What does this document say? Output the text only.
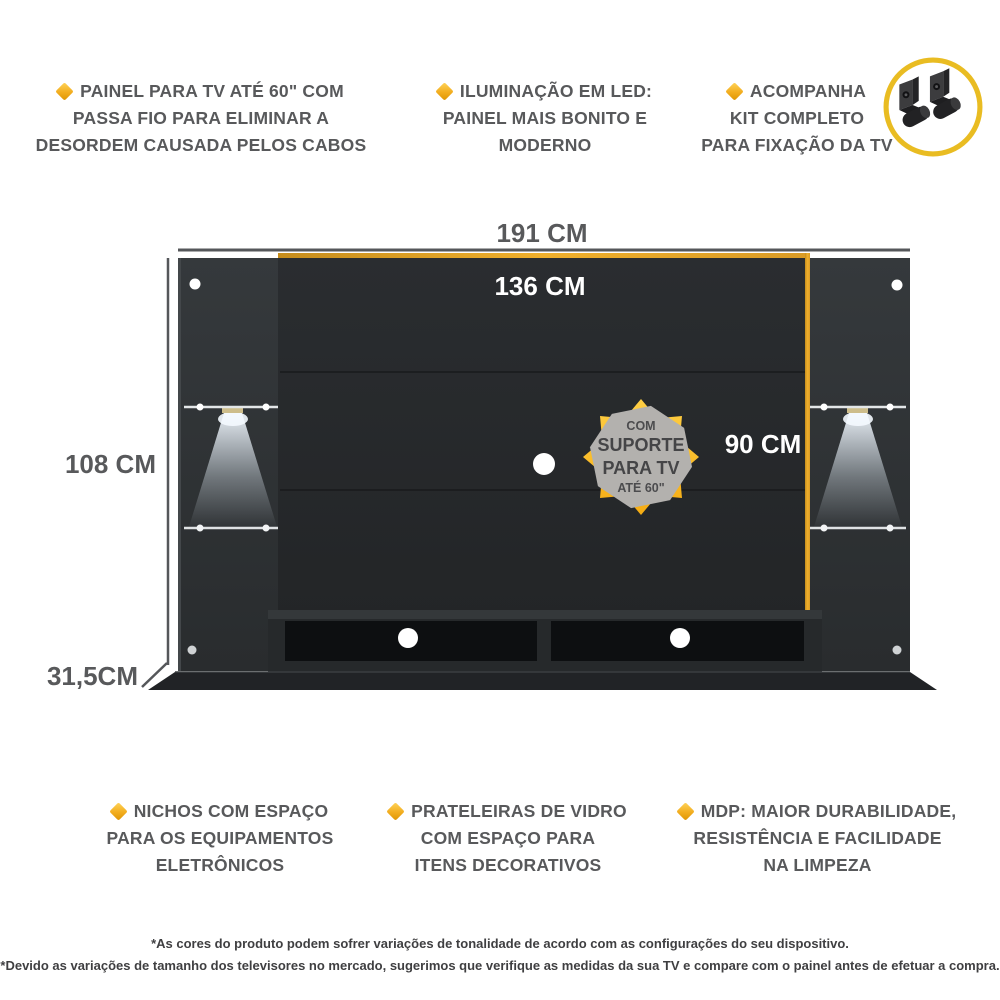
PAINEL PARA TV ATÉ 60" COM
PASSA FIO PARA ELIMINAR A
DESORDEM CAUSADA PELOS CABOS
ILUMINAÇÃO EM LED:
PAINEL MAIS BONITO E
MODERNO
ACOMPANHA
KIT COMPLETO
PARA FIXAÇÃO DA TV
COM
SUPORTE
PARA TV
ATÉ 60"
191 CM
136 CM
108 CM
90 CM
31,5CM
NICHOS COM ESPAÇO
PARA OS EQUIPAMENTOS
ELETRÔNICOS
PRATELEIRAS DE VIDRO
COM ESPAÇO PARA
ITENS DECORATIVOS
MDP: MAIOR DURABILIDADE,
RESISTÊNCIA E FACILIDADE
NA LIMPEZA

*As cores do produto podem sofrer variações de tonalidade de acordo com as configurações do seu dispositivo.

*Devido as variações de tamanho dos televisores no mercado, sugerimos que verifique as medidas da sua TV e compare com o painel antes de efetuar a compra.
